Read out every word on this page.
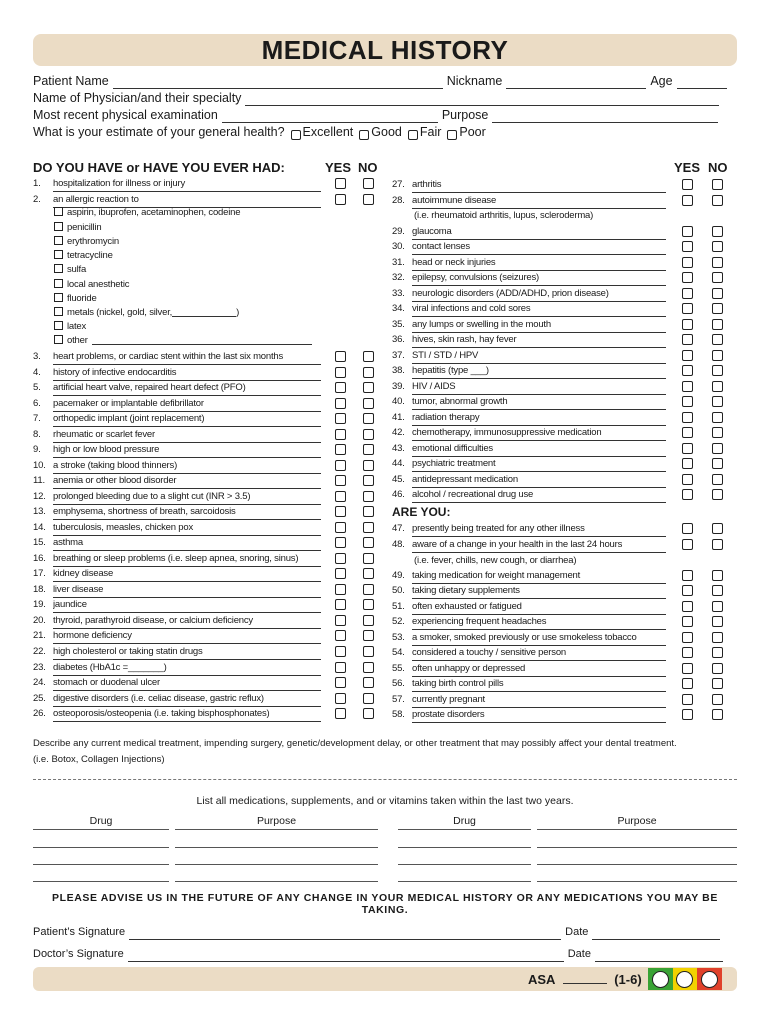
MEDICAL HISTORY
Patient Name	Nickname	Age
Name of Physician/and their specialty
Most recent physical examination	Purpose
What is your estimate of your general health? Excellent Good Fair Poor
DO YOU HAVE or HAVE YOU EVER HAD:	YES NO	YES NO
1.	hospitalization for illness or injury
2.	an allergic reaction to
3.	heart problems, or cardiac stent within the last six months
4.	history of infective endocarditis
5.	artificial heart valve, repaired heart defect (PFO)
6.	pacemaker or implantable defibrillator
7.	orthopedic implant (joint replacement)
8.	rheumatic or scarlet fever
9.	high or low blood pressure
10. a stroke (taking blood thinners)
11. anemia or other blood disorder
12. prolonged bleeding due to a slight cut (INR > 3.5)
13. emphysema, shortness of breath, sarcoidosis
14. tuberculosis, measles, chicken pox
15. asthma
16. breathing or sleep problems (i.e. sleep apnea, snoring, sinus)
17. kidney disease
18. liver disease
19. jaundice
20. thyroid, parathyroid disease, or calcium deficiency
21. hormone deficiency
22. high cholesterol or taking statin drugs
23. diabetes (HbA1c =_______)
24. stomach or duodenal ulcer
25. digestive disorders (i.e. celiac disease, gastric reflux)
26. osteoporosis/osteopenia (i.e. taking bisphosphonates)
aspirin, ibuprofen, acetaminophen, codeine
penicillin
erythromycin
tetracycline
sulfa
local anesthetic
fluoride
metals (nickel, gold, silver,	)
latex
other
27. arthritis
28. autoimmune disease
29. glaucoma
30. contact lenses
31. head or neck injuries
32. epilepsy, convulsions (seizures)
33. neurologic disorders (ADD/ADHD, prion disease)
34. viral infections and cold sores
35. any lumps or swelling in the mouth
36. hives, skin rash, hay fever
37. STI / STD / HPV
38. hepatitis (type ___)
39. HIV / AIDS
40. tumor, abnormal growth
41. radiation therapy
42. chemotherapy, immunosuppressive medication
43. emotional difficulties
44. psychiatric treatment
45. antidepressant medication
46. alcohol / recreational drug use
47. presently being treated for any other illness
48. aware of a change in your health in the last 24 hours
49. taking medication for weight management
50. taking dietary supplements
51. often exhausted or fatigued
52. experiencing frequent headaches
53. a smoker, smoked previously or use smokeless tobacco
54. considered a touchy / sensitive person
55. often unhappy or depressed
56. taking birth control pills
57. currently pregnant
58. prostate disorders
ARE YOU:
(i.e. rheumatoid arthritis, lupus, scleroderma)
(i.e. fever, chills, new cough, or diarrhea)
Describe any current medical treatment, impending surgery, genetic/development delay, or other treatment that may possibly affect your dental treatment.
(i.e. Botox, Collagen Injections)
List all medications, supplements, and or vitamins taken within the last two years.
Drug	Purpose	Drug	Purpose
PLEASE ADVISE US IN THE FUTURE OF ANY CHANGE IN YOUR MEDICAL HISTORY OR ANY MEDICATIONS YOU MAY BE TAKING.
Patient’s Signature	Date
Doctor’s Signature	Date
ASA	(1-6)
